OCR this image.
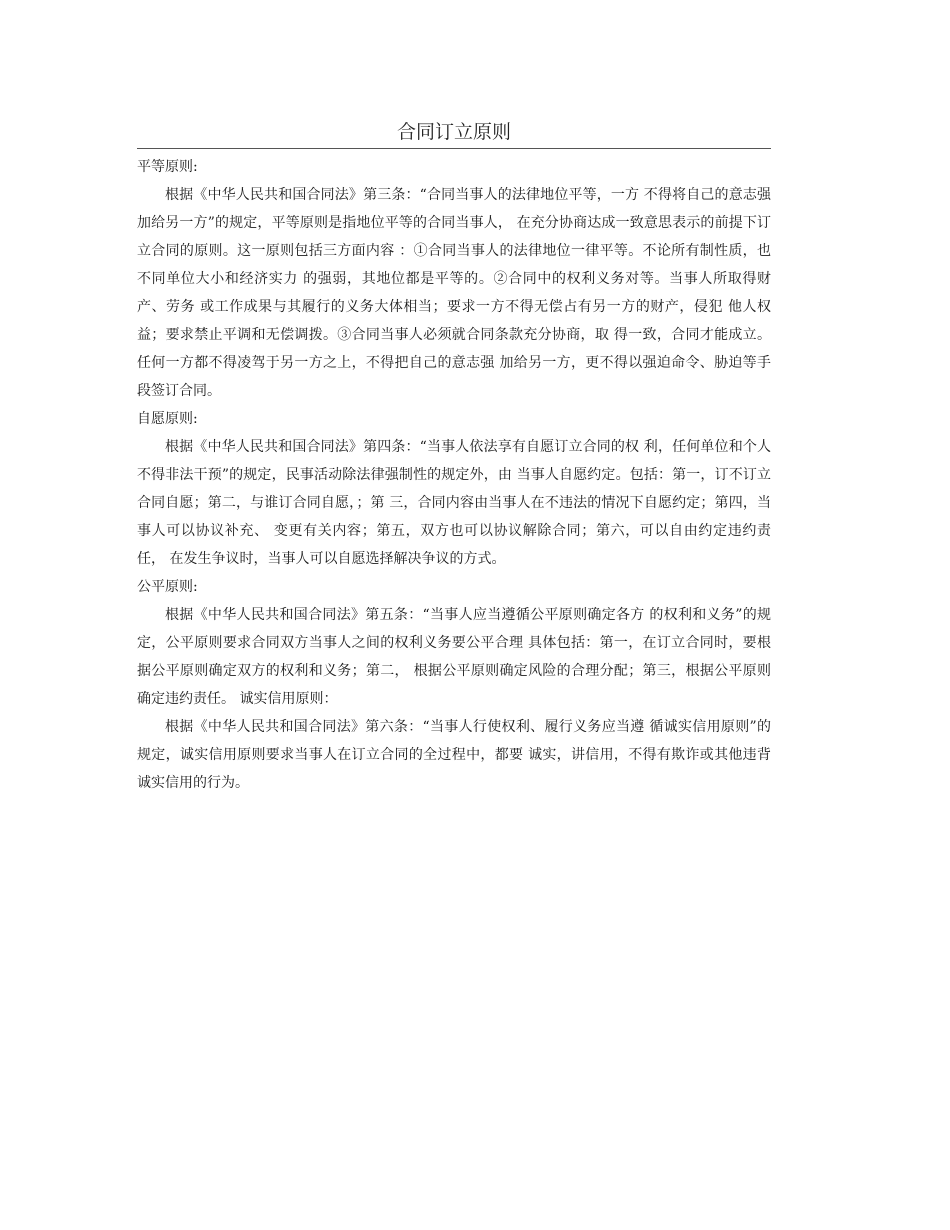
合同订立原则
平等原则:

根据《中华人民共和国合同法》第三条：“合同当事人的法律地位平等，一方 不得将自己的意志强加给另一方”的规定，平等原则是指地位平等的合同当事人， 在充分协商达成一致意思表示的前提下订立合同的原则。这一原则包括三方面内容 ：①合同当事人的法律地位一律平等。不论所有制性质，也不同单位大小和经济实力 的强弱，其地位都是平等的。②合同中的权利义务对等。当事人所取得财产、劳务 或工作成果与其履行的义务大体相当；要求一方不得无偿占有另一方的财产，侵犯 他人权益；要求禁止平调和无偿调拨。③合同当事人必须就合同条款充分协商，取 得一致，合同才能成立。任何一方都不得凌驾于另一方之上，不得把自己的意志强 加给另一方，更不得以强迫命令、胁迫等手段签订合同。

自愿原则:

根据《中华人民共和国合同法》第四条：“当事人依法享有自愿订立合同的权 利，任何单位和个人不得非法干预”的规定，民事活动除法律强制性的规定外，由 当事人自愿约定。包括：第一，订不订立合同自愿；第二，与谁订合同自愿，；第 三，合同内容由当事人在不违法的情况下自愿约定；第四，当事人可以协议补充、 变更有关内容；第五，双方也可以协议解除合同；第六，可以自由约定违约责任， 在发生争议时，当事人可以自愿选择解决争议的方式。

公平原则:

根据《中华人民共和国合同法》第五条：“当事人应当遵循公平原则确定各方 的权利和义务”的规定，公平原则要求合同双方当事人之间的权利义务要公平合理 具体包括：第一，在订立合同时，要根据公平原则确定双方的权利和义务；第二， 根据公平原则确定风险的合理分配；第三，根据公平原则确定违约责任。 诚实信用原则：

根据《中华人民共和国合同法》第六条：“当事人行使权利、履行义务应当遵 循诚实信用原则”的规定，诚实信用原则要求当事人在订立合同的全过程中，都要 诚实，讲信用，不得有欺诈或其他违背诚实信用的行为。
